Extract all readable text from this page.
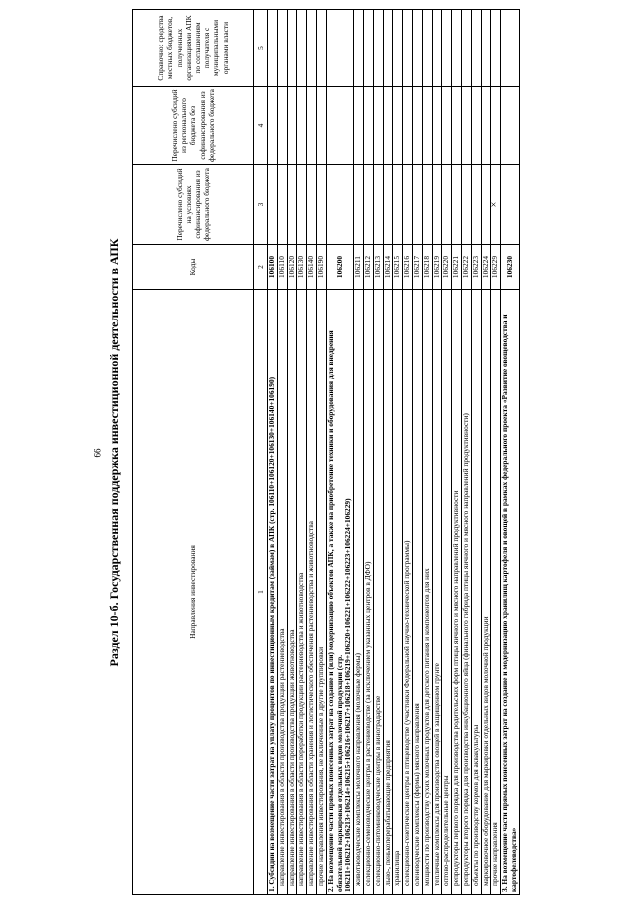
66 Раздел 10-б. Государственная поддержка инвестиционной деятельности в АПК	Направления инвестирования	Коды	Перечислено субсидий на условиях софинансирования из федерального бюджета	Перечислено субсидий из регионального бюджета без софинансирования из федерального бюджета	Справочно: средства местных бюджетов, полученных организациями АПК по соглашениям получателя с муниципальными органами власти
1	2	3	4	5
1. Субсидии на возмещение части затрат на уплату процентов по инвестиционным кредитам (займам) в АПК (стр. 106110+106120+106130+106140+106190)	106100			
направление инвестирования в области производства продукции растениеводства	106110			
направление инвестирования в области производства продукции животноводства	106120			
направление инвестирования в области переработки продукции растениеводства и животноводства	106130			
направление инвестирования в области хранения и логистического обеспечения растениеводства и животноводства	106140			
прочие направления инвестирования, не включенные в другие группировки	106190			
2. На возмещение части прямых понесенных затрат на создание и (или) модернизацию объектов АПК, а также на приобретение техники и оборудования для внедрения обязательной маркировки отдельных видов молочной продукции (стр. 106211+106212+106213+106214+106215+106216+106217+106218+106219+106220+106221+106222+106223+106224+106229)	106200			
животноводческие комплексы молочного направления (молочные фермы)	106211			
селекционно-семеноводческие центры в растениеводстве (за исключением указанных центров в ДФО)	106212			
селекционно-питомниководческие центры в виноградарстве	106213			
льно-, пенькоперерабатывающие предприятия	106214			
хранилища	106215			
селекционно-генетические центры в птицеводстве (участники Федеральной научно-технической программы)	106216			
оленеводческие комплексы (фермы) мясного направления	106217			
мощности по производству сухих молочных продуктов для детского питания и компонентов для них	106218			
тепличные комплексы для производства овощей в защищенном грунте	106219			
оптово-распределительные центры	106220			
репродукторы первого порядка для производства родительских форм птицы яичного и мясного направлений продуктивности	106221			
репродукторы второго порядка для производства инкубационного яйца (финального гибрида птицы яичного и мясного направлений продуктивности)	106222			
объекты по производству кормов для аквакультуры	106223			
маркировочное оборудование для маркировки отдельных видов молочной продукции	106224			
прочие направления	106229	×		
3. На возмещение части прямых понесенных затрат на создание и модернизацию хранилищ картофеля и овощей в рамках федерального проекта «Развитие овощеводства и картофелеводства»	106230			
